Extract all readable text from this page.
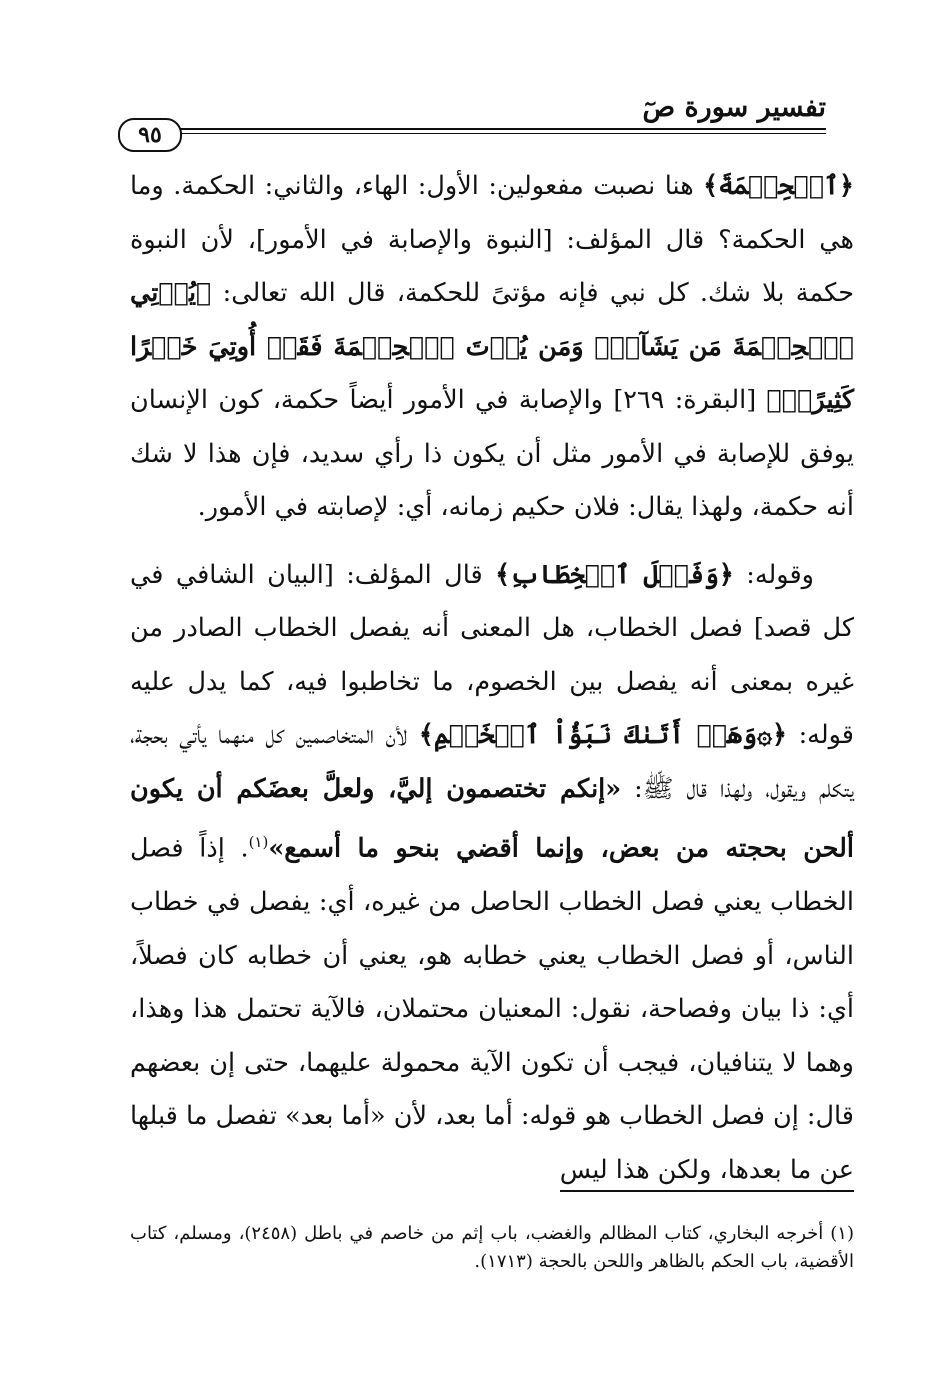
تفسير سورة صٓ
٩٥

﴿ٱلۡحِكۡمَةَ﴾ هنا نصبت مفعولين: الأول: الهاء، والثاني: الحكمة. وما هي الحكمة؟ قال المؤلف: [النبوة والإصابة في الأمور]، لأن النبوة حكمة بلا شك. كل نبي فإنه مؤتىً للحكمة، قال الله تعالى: ﴿يُؤۡتِي ٱلۡحِكۡمَةَ مَن يَشَآءُۚ وَمَن يُؤۡتَ ٱلۡحِكۡمَةَ فَقَدۡ أُوتِيَ خَيۡرًا كَثِيرًاۗ﴾ [البقرة: ٢٦٩] والإصابة في الأمور أيضاً حكمة، كون الإنسان يوفق للإصابة في الأمور مثل أن يكون ذا رأي سديد، فإن هذا لا شك أنه حكمة، ولهذا يقال: فلان حكيم زمانه، أي: لإصابته في الأمور.

وقوله: ﴿وَفَصۡلَ ٱلۡخِطَابِ﴾ قال المؤلف: [البيان الشافي في كل قصد] فصل الخطاب، هل المعنى أنه يفصل الخطاب الصادر من غيره بمعنى أنه يفصل بين الخصوم، ما تخاطبوا فيه، كما يدل عليه قوله: ﴿۞وَهَلۡ أَتَىٰكَ نَبَؤُاْ ٱلۡخَصۡمِ﴾ لأن المتخاصمين كل منهما يأتي بحجة، يتكلم ويقول، ولهذا قال ﷺ: «إنكم تختصمون إليَّ، ولعلَّ بعضَكم أن يكون ألحن بحجته من بعض، وإنما أقضي بنحو ما أسمع»$^{(١)}$. إذاً فصل الخطاب يعني فصل الخطاب الحاصل من غيره، أي: يفصل في خطاب الناس، أو فصل الخطاب يعني خطابه هو، يعني أن خطابه كان فصلاً، أي: ذا بيان وفصاحة، نقول: المعنيان محتملان، فالآية تحتمل هذا وهذا، وهما لا يتنافيان، فيجب أن تكون الآية محمولة عليهما، حتى إن بعضهم قال: إن فصل الخطاب هو قوله: أما بعد، لأن «أما بعد» تفصل ما قبلها عن ما بعدها، ولكن هذا ليس

(١) أخرجه البخاري، كتاب المظالم والغضب، باب إثم من خاصم في باطل (٢٤٥٨)، ومسلم، كتاب الأقضية، باب الحكم بالظاهر واللحن بالحجة (١٧١٣).
